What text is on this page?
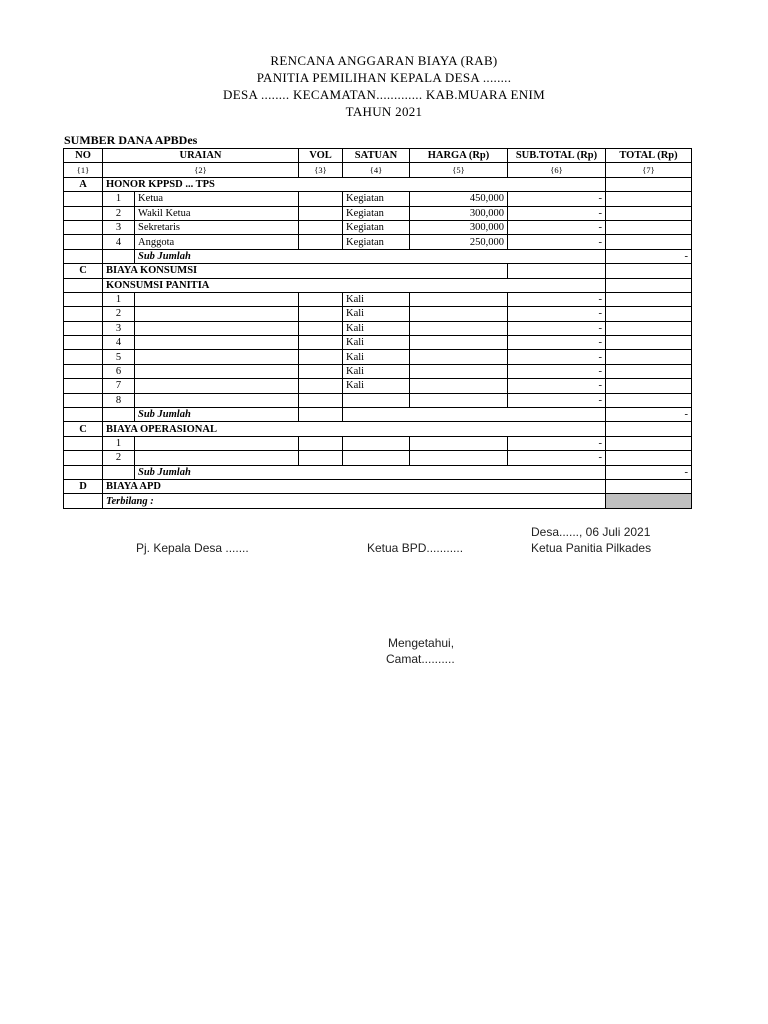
RENCANA ANGGARAN BIAYA (RAB)
PANITIA PEMILIHAN KEPALA DESA ........
DESA ........ KECAMATAN............. KAB.MUARA ENIM
TAHUN 2021
SUMBER DANA APBDes
NO	URAIAN		VOL	SATUAN	HARGA (Rp)	SUB.TOTAL (Rp)	TOTAL (Rp)
{1}	{2}		{3}	{4}	{5}	{6}	{7}
A	HONOR KPPSD ... TPS						
	1	Ketua		Kegiatan	450,000	-	
	2	Wakil Ketua		Kegiatan	300,000	-	
	3	Sekretaris		Kegiatan	300,000	-	
	4	Anggota		Kegiatan	250,000	-	
		Sub Jumlah					-
C	BIAYA KONSUMSI						
	KONSUMSI PANITIA						
	1			Kali		-	
	2			Kali		-	
	3			Kali		-	
	4			Kali		-	
	5			Kali		-	
	6			Kali		-	
	7			Kali		-	
	8					-	
		Sub Jumlah					-
C	BIAYA OPERASIONAL						
	1					-	
	2					-	
		Sub Jumlah					-
D	BIAYA APD						
	Terbilang :						
Desa......, 06 Juli 2021
Pj. Kepala Desa .......	Ketua BPD...........	Ketua Panitia Pilkades
Mengetahui,
Camat..........
